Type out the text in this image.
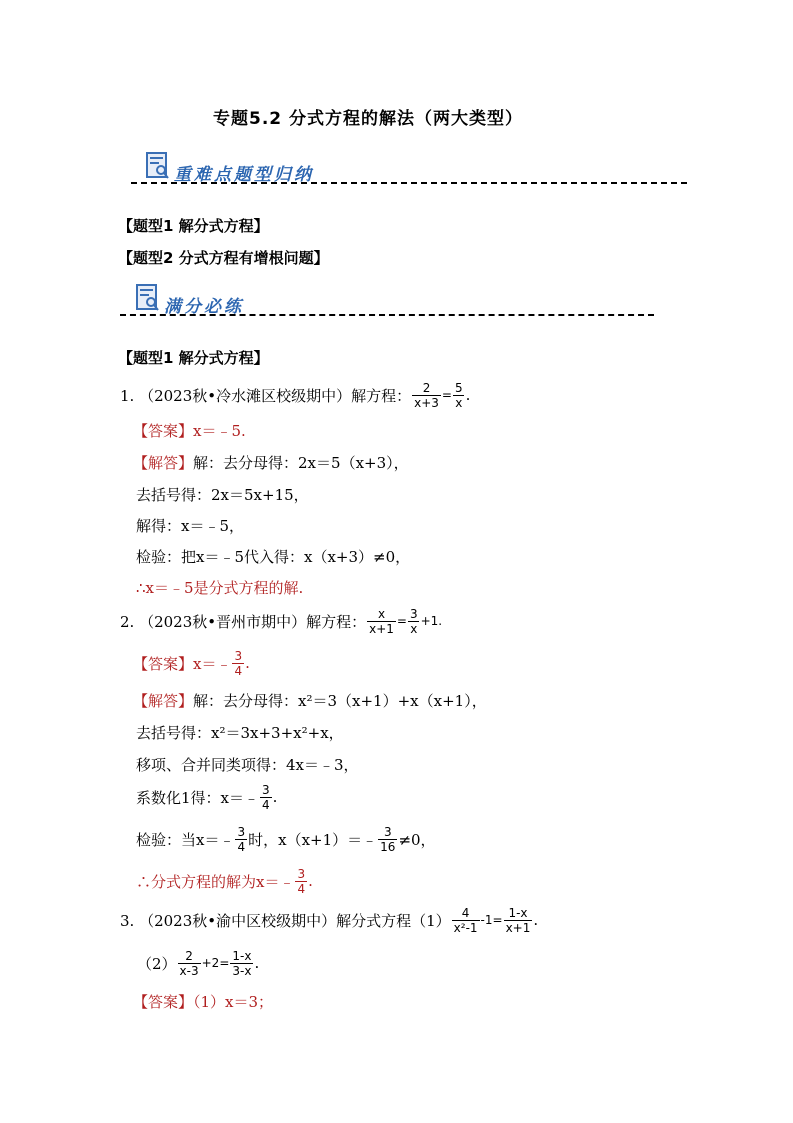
专题5.2 分式方程的解法（两大类型）
重难点题型归纳
【题型1 解分式方程】
【题型2 分式方程有增根问题】
满分必练
【题型1 解分式方程】
1. （2023秋•冷水滩区校级期中）解方程： $\frac{2}{x+3} = \frac{5}{x}$ .
【答案】x＝﹣5.
【解答】解：去分母得：2x＝5（x+3），
去括号得：2x＝5x+15，
解得：x＝﹣5，
检验：把x＝﹣5代入得：x（x+3）≠0，
∴x＝﹣5是分式方程的解.
2. （2023秋•晋州市期中）解方程： $\frac{x}{x+1} = \frac{3}{x} +1$.
【答案】 x＝﹣ $\frac{3}{4}$ .
【解答】解：去分母得：x²＝3（x+1）+x（x+1），
去括号得：x²＝3x+3+x²+x，
移项、合并同类项得：4x＝﹣3，
系数化1得：x＝﹣ $\frac{3}{4}$ .
检验：当x＝﹣ $\frac{3}{4}$ 时，x（x+1）＝﹣ $\frac{3}{16} \ne 0$，
∴分式方程的解为x＝﹣ $\frac{3}{4}$ .
3. （2023秋•渝中区校级期中）解分式方程$(1) \frac{4}{\text{x²-1}} -1= \frac{1-x}{x+1}$ .
$(2) \frac{2}{x-3} +2= \frac{1-x}{3-x}$ .
【答案】（1）x＝3；
